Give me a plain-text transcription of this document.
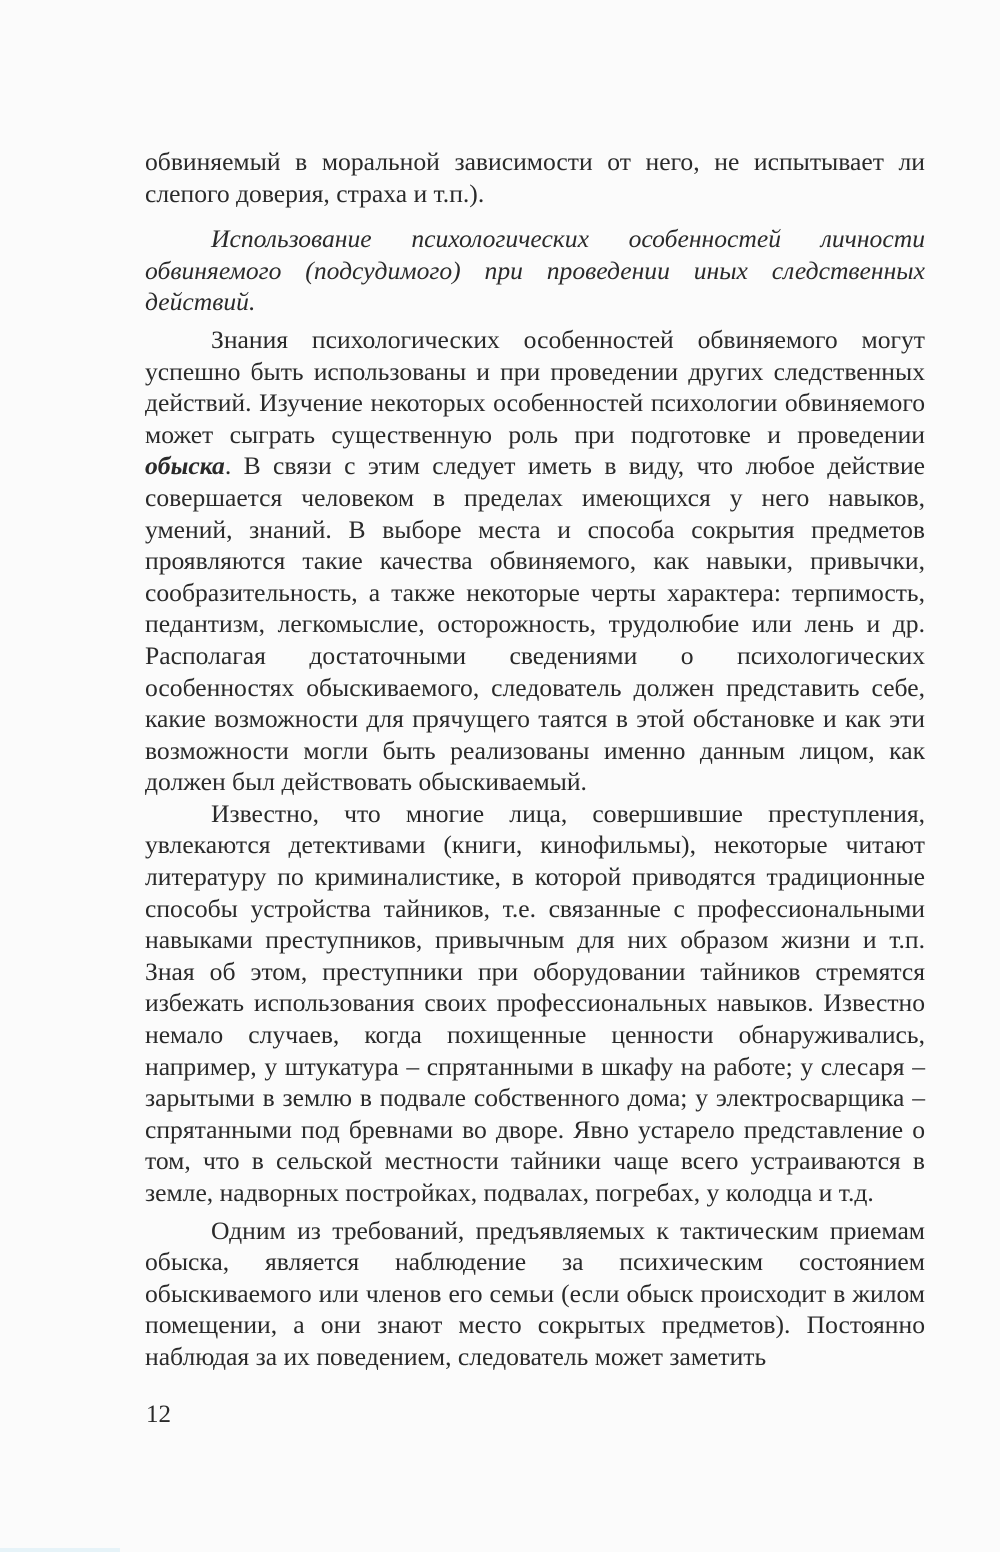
обвиняемый в моральной зависимости от него, не испытывает ли слепого доверия, страха и т.п.).

Использование психологических особенностей личности обвиняемого (подсудимого) при проведении иных следственных действий.

Знания психологических особенностей обвиняемого могут успешно быть использованы и при проведении других следственных действий. Изучение некоторых особенностей психологии обвиняемого может сыграть существенную роль при подготовке и проведении обыска. В связи с этим следует иметь в виду, что любое действие совершается человеком в пределах имеющихся у него навыков, умений, знаний. В выборе места и способа сокрытия предметов проявляются такие качества обвиняемого, как навыки, привычки, сообразительность, а также некоторые черты характера: терпимость, педантизм, легкомыслие, осторожность, трудолюбие или лень и др. Располагая достаточными сведениями о психологических особенностях обыскиваемого, следователь должен представить себе, какие возможности для прячущего таятся в этой обстановке и как эти возможности могли быть реализованы именно данным лицом, как должен был действовать обыскиваемый.

Известно, что многие лица, совершившие преступления, увлекаются детективами (книги, кинофильмы), некоторые читают литературу по криминалистике, в которой приводятся традиционные способы устройства тайников, т.е. связанные с профессиональными навыками преступников, привычным для них образом жизни и т.п. Зная об этом, преступники при оборудовании тайников стремятся избежать использования своих профессиональных навыков. Известно немало случаев, когда похищенные ценности обнаруживались, например, у штукатура – спрятанными в шкафу на работе; у слесаря – зарытыми в землю в подвале собственного дома; у электросварщика – спрятанными под бревнами во дворе. Явно устарело представление о том, что в сельской местности тайники чаще всего устраиваются в земле, надворных постройках, подвалах, погребах, у колодца и т.д.

Одним из требований, предъявляемых к тактическим приемам обыска, является наблюдение за психическим состоянием обыскиваемого или членов его семьи (если обыск происходит в жилом помещении, а они знают место сокрытых предметов). Постоянно наблюдая за их поведением, следователь может заметить

12
